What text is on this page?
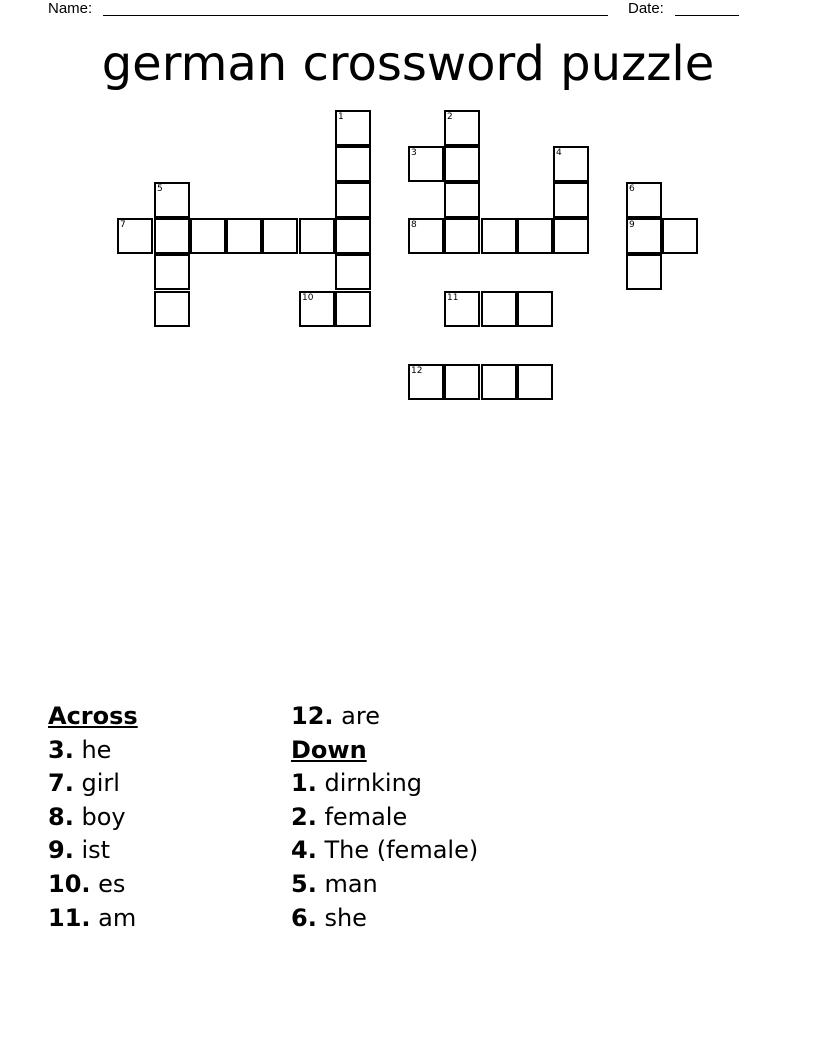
Name:	Date:
german crossword puzzle
1	2
3	4
5	6
7	8	9
10	11
12
Across
3. he
7. girl
8. boy
9. ist
10. es
11. am
12. are
Down
1. dirnking
2. female
4. The (female)
5. man
6. she
